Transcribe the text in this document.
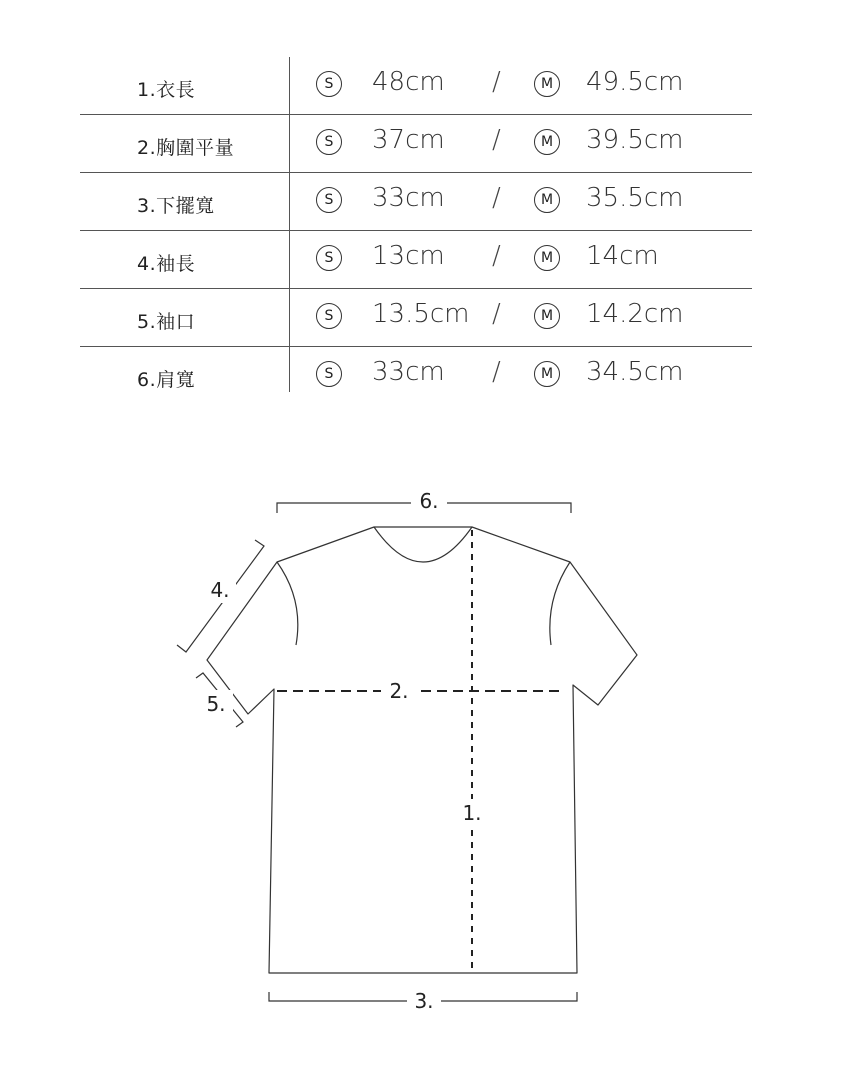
1.衣長	S	48cm /	M 49.5cm
2.胸圍平量	S	37cm /	M 39.5cm
3.下擺寬	S	33cm /	M 35.5cm
4.袖長	S	13cm /	M 14cm
5.袖口	S	13.5cm /	M 14.2cm
6.肩寬	S	33cm /	M 34.5cm
1.
2.
3.
4.
5.
6.
